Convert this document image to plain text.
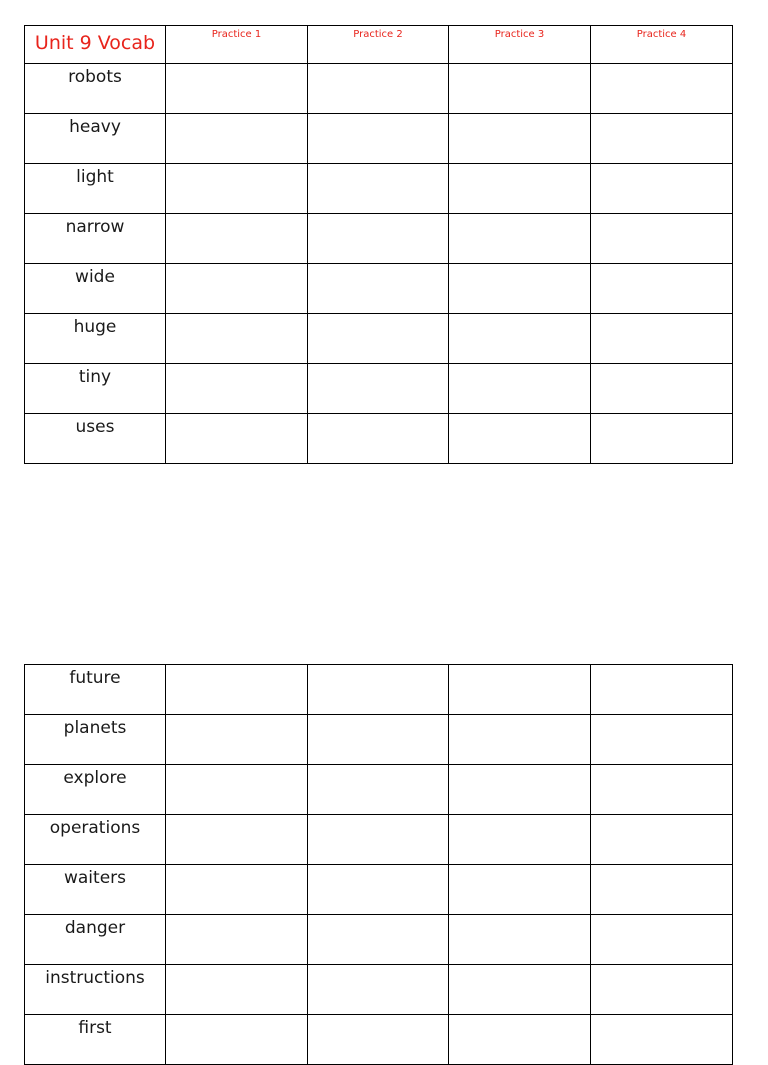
Unit 9 Vocab	Practice 1	Practice 2	Practice 3	Practice 4
robots				
heavy				
light				
narrow				
wide				
huge				
tiny				
uses				
future				
planets				
explore				
operations				
waiters				
danger				
instructions				
first				
